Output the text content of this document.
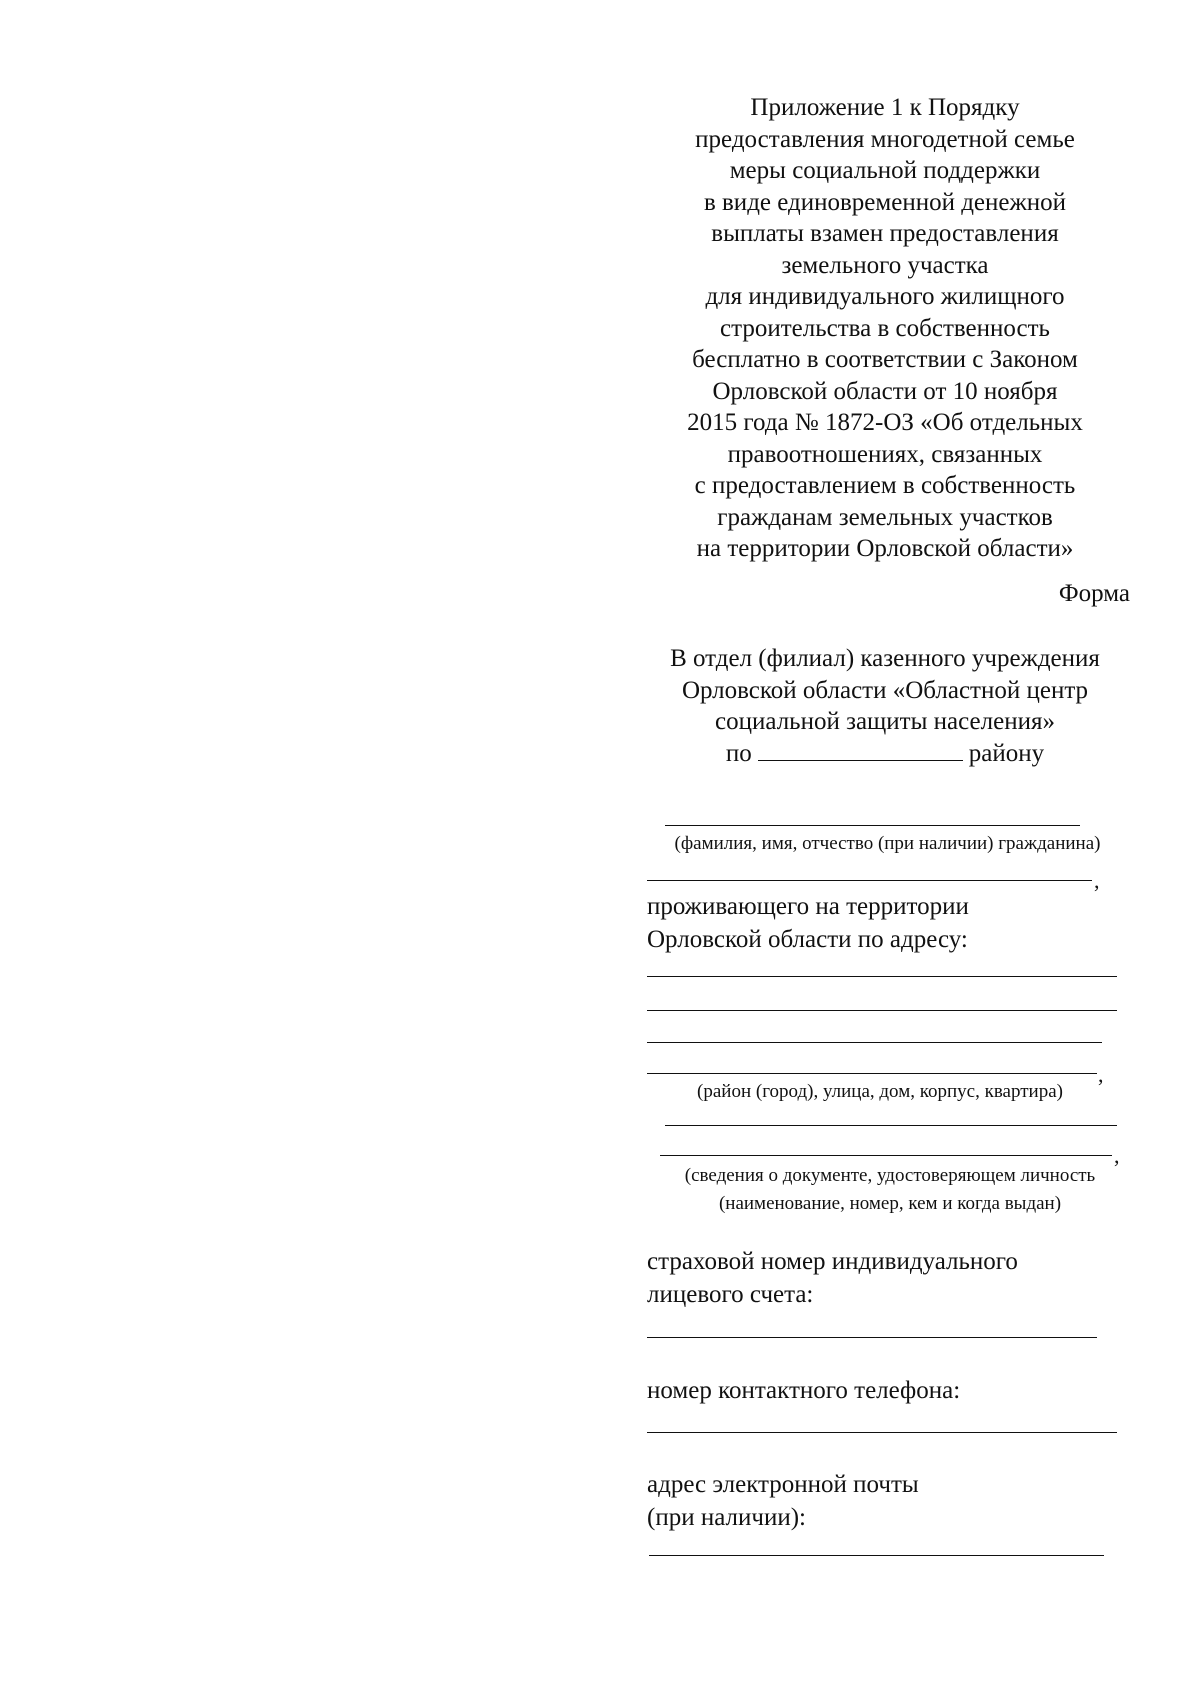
Приложение 1 к Порядку
предоставления многодетной семье
меры социальной поддержки
в виде единовременной денежной
выплаты взамен предоставления
земельного участка
для индивидуального жилищного
строительства в собственность
бесплатно в соответствии с Законом
Орловской области от 10 ноября
2015 года № 1872-ОЗ «Об отдельных
правоотношениях, связанных
с предоставлением в собственность
гражданам земельных участков
на территории Орловской области»
Форма
В отдел (филиал) казенного учреждения
Орловской области «Областной центр
социальной защиты населения»
по	району
(фамилия, имя, отчество (при наличии) гражданина)
,
проживающего на территории
Орловской области по адресу:
,
(район (город), улица, дом, корпус, квартира)
,
(сведения о документе, удостоверяющем личность
(наименование, номер, кем и когда выдан)
страховой номер индивидуального
лицевого счета:
номер контактного телефона:
адрес электронной почты
(при наличии):
